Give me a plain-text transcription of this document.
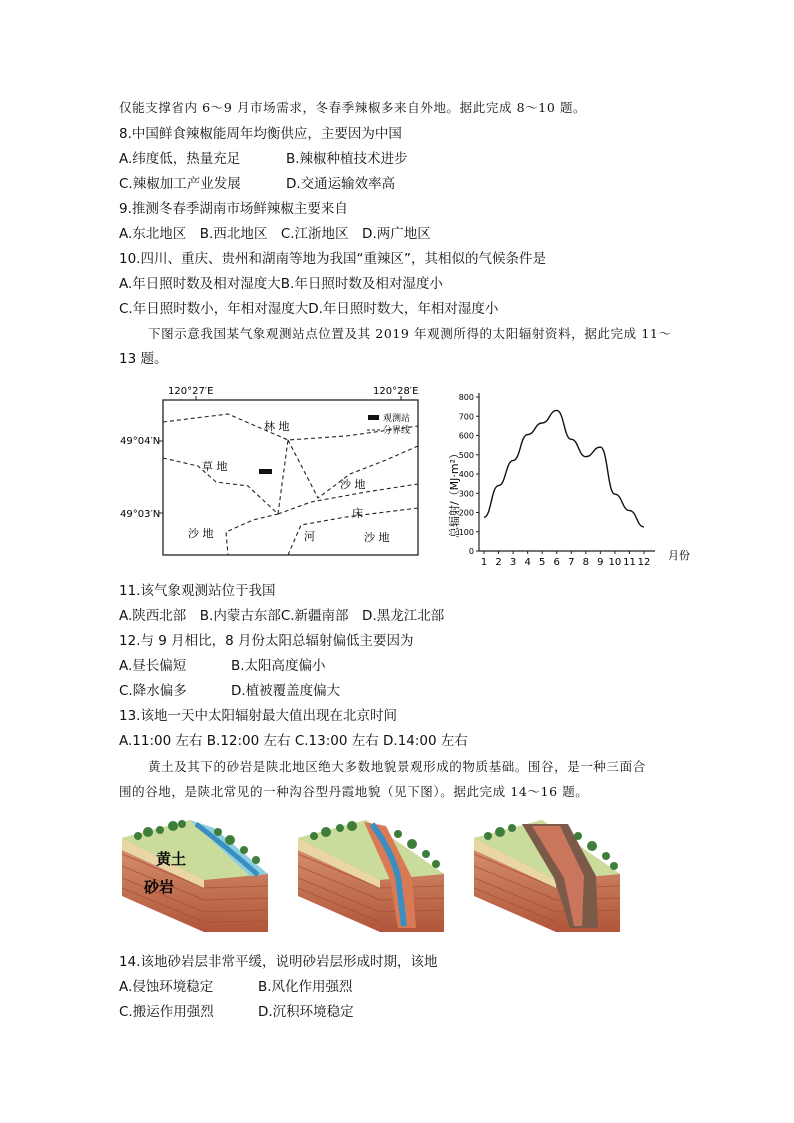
仅能支撑省内 6～9 月市场需求，冬春季辣椒多来自外地。据此完成 8～10 题。
8.中国鲜食辣椒能周年均衡供应，主要因为中国
A.纬度低，热量充足	B.辣椒种植技术进步
C.辣椒加工产业发展	D.交通运输效率高
9.推测冬春季湖南市场鲜辣椒主要来自
A.东北地区　B.西北地区　C.江浙地区　D.两广地区
10.四川、重庆、贵州和湖南等地为我国“重辣区”，其相似的气候条件是
A.年日照时数及相对湿度大B.年日照时数及相对湿度小
C.年日照时数小，年相对湿度大D.年日照时数大，年相对湿度小
下图示意我国某气象观测站点位置及其 2019 年观测所得的太阳辐射资料，据此完成 11～
13 题。
120°27′E	120°28′E
49°04′N
49°03′N
林 地
草 地
沙 地
床
河
沙 地	沙 地
观测站
分界线
总辐射/（MJ·m²）
月份
0
100
200
300
400
500
600
700
800
1 2 3 4 5 6 7 8 9 10 11 12
11.该气象观测站位于我国
A.陕西北部　B.内蒙古东部C.新疆南部　D.黑龙江北部
12.与 9 月相比，8 月份太阳总辐射偏低主要因为
A.昼长偏短	B.太阳高度偏小
C.降水偏多	D.植被覆盖度偏大
13.该地一天中太阳辐射最大值出现在北京时间
A.11:00 左右 B.12:00 左右 C.13:00 左右 D.14:00 左右
黄土及其下的砂岩是陕北地区绝大多数地貌景观形成的物质基础。围谷，是一种三面合
围的谷地，是陕北常见的一种沟谷型丹霞地貌（见下图）。据此完成 14～16 题。
黄土
砂岩
14.该地砂岩层非常平缓，说明砂岩层形成时期，该地
A.侵蚀环境稳定	B.风化作用强烈
C.搬运作用强烈	D.沉积环境稳定
